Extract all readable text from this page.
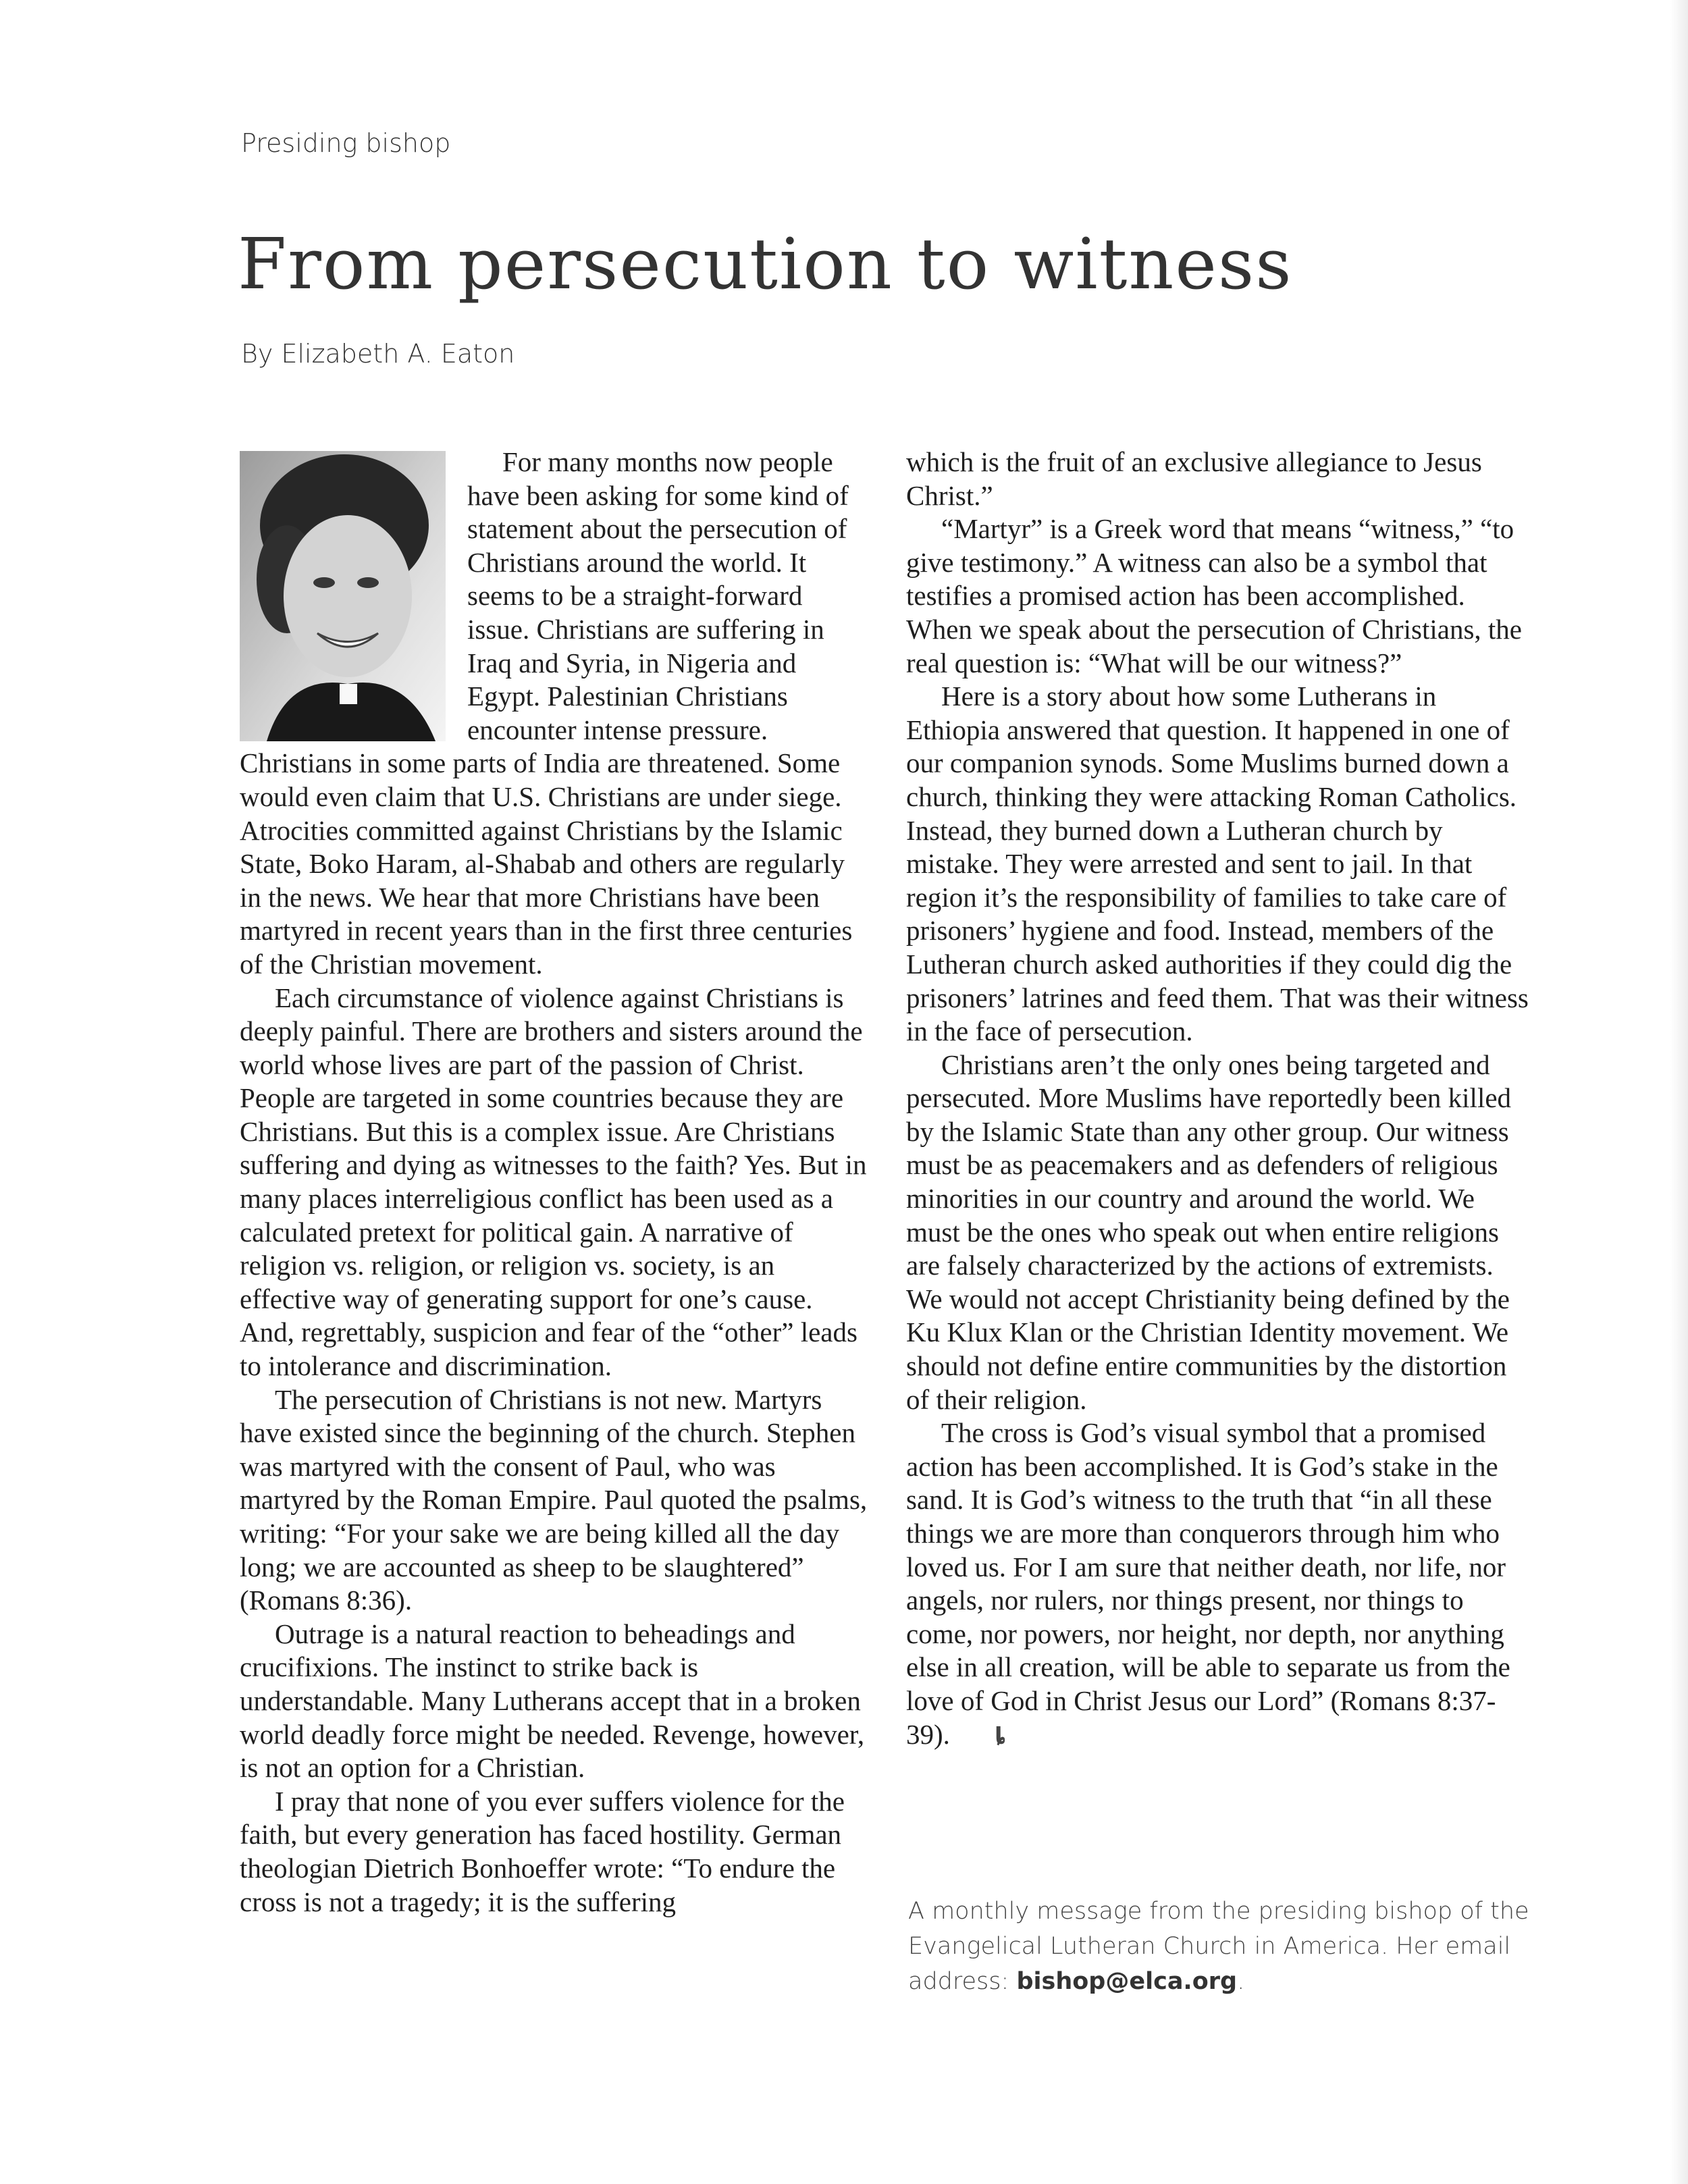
Presiding bishop
From persecution to witness
By Elizabeth A. Eaton

For many months now people have been asking for some kind of statement about the persecution of Christians around the world. It seems to be a straight-forward issue. Christians are suffering in Iraq and Syria, in Nigeria and Egypt. Palestinian Christians encounter intense pressure. Christians in some parts of India are threatened. Some would even claim that U.S. Christians are under siege. Atrocities committed against Christians by the Islamic State, Boko Haram, al-Shabab and others are regularly in the news. We hear that more Christians have been martyred in recent years than in the first three centuries of the Christian movement.

Each circumstance of violence against Christians is deeply painful. There are brothers and sisters around the world whose lives are part of the passion of Christ. People are targeted in some countries because they are Christians. But this is a complex issue. Are Christians suffering and dying as witnesses to the faith? Yes. But in many places interreligious conflict has been used as a calculated pretext for political gain. A narrative of religion vs. religion, or religion vs. society, is an effective way of generating support for one’s cause. And, regrettably, suspicion and fear of the “other” leads to intolerance and discrimination.

The persecution of Christians is not new. Martyrs have existed since the beginning of the church. Stephen was martyred with the consent of Paul, who was martyred by the Roman Empire. Paul quoted the psalms, writing: “For your sake we are being killed all the day long; we are accounted as sheep to be slaughtered” (Romans 8:36).

Outrage is a natural reaction to beheadings and crucifixions. The instinct to strike back is understandable. Many Lutherans accept that in a broken world deadly force might be needed. Revenge, however, is not an option for a Christian.

I pray that none of you ever suffers violence for the faith, but every generation has faced hostility. German theologian Dietrich Bonhoeffer wrote: “To endure the cross is not a tragedy; it is the suffering

which is the fruit of an exclusive allegiance to Jesus Christ.”

“Martyr” is a Greek word that means “witness,” “to give testimony.” A witness can also be a symbol that testifies a promised action has been accomplished. When we speak about the persecution of Christians, the real question is: “What will be our witness?”

Here is a story about how some Lutherans in Ethiopia answered that question. It happened in one of our companion synods. Some Muslims burned down a church, thinking they were attacking Roman Catholics. Instead, they burned down a Lutheran church by mistake. They were arrested and sent to jail. In that region it’s the responsibility of families to take care of prisoners’ hygiene and food. Instead, members of the Lutheran church asked authorities if they could dig the prisoners’ latrines and feed them. That was their witness in the face of persecution.

Christians aren’t the only ones being targeted and persecuted. More Muslims have reportedly been killed by the Islamic State than any other group. Our witness must be as peacemakers and as defenders of religious minorities in our country and around the world. We must be the ones who speak out when entire religions are falsely characterized by the actions of extremists. We would not accept Christianity being defined by the Ku Klux Klan or the Christian Identity movement. We should not define entire communities by the distortion of their religion.

The cross is God’s visual symbol that a promised action has been accomplished. It is God’s stake in the sand. It is God’s witness to the truth that “in all these things we are more than conquerors through him who loved us. For I am sure that neither death, nor life, nor angels, nor rulers, nor things present, nor things to come, nor powers, nor height, nor depth, nor anything else in all creation, will be able to separate us from the love of God in Christ Jesus our Lord” (Romans 8:37-39). ȴ

A monthly message from the presiding bishop of the Evangelical Lutheran Church in America. Her email address: bishop@elca.org.
